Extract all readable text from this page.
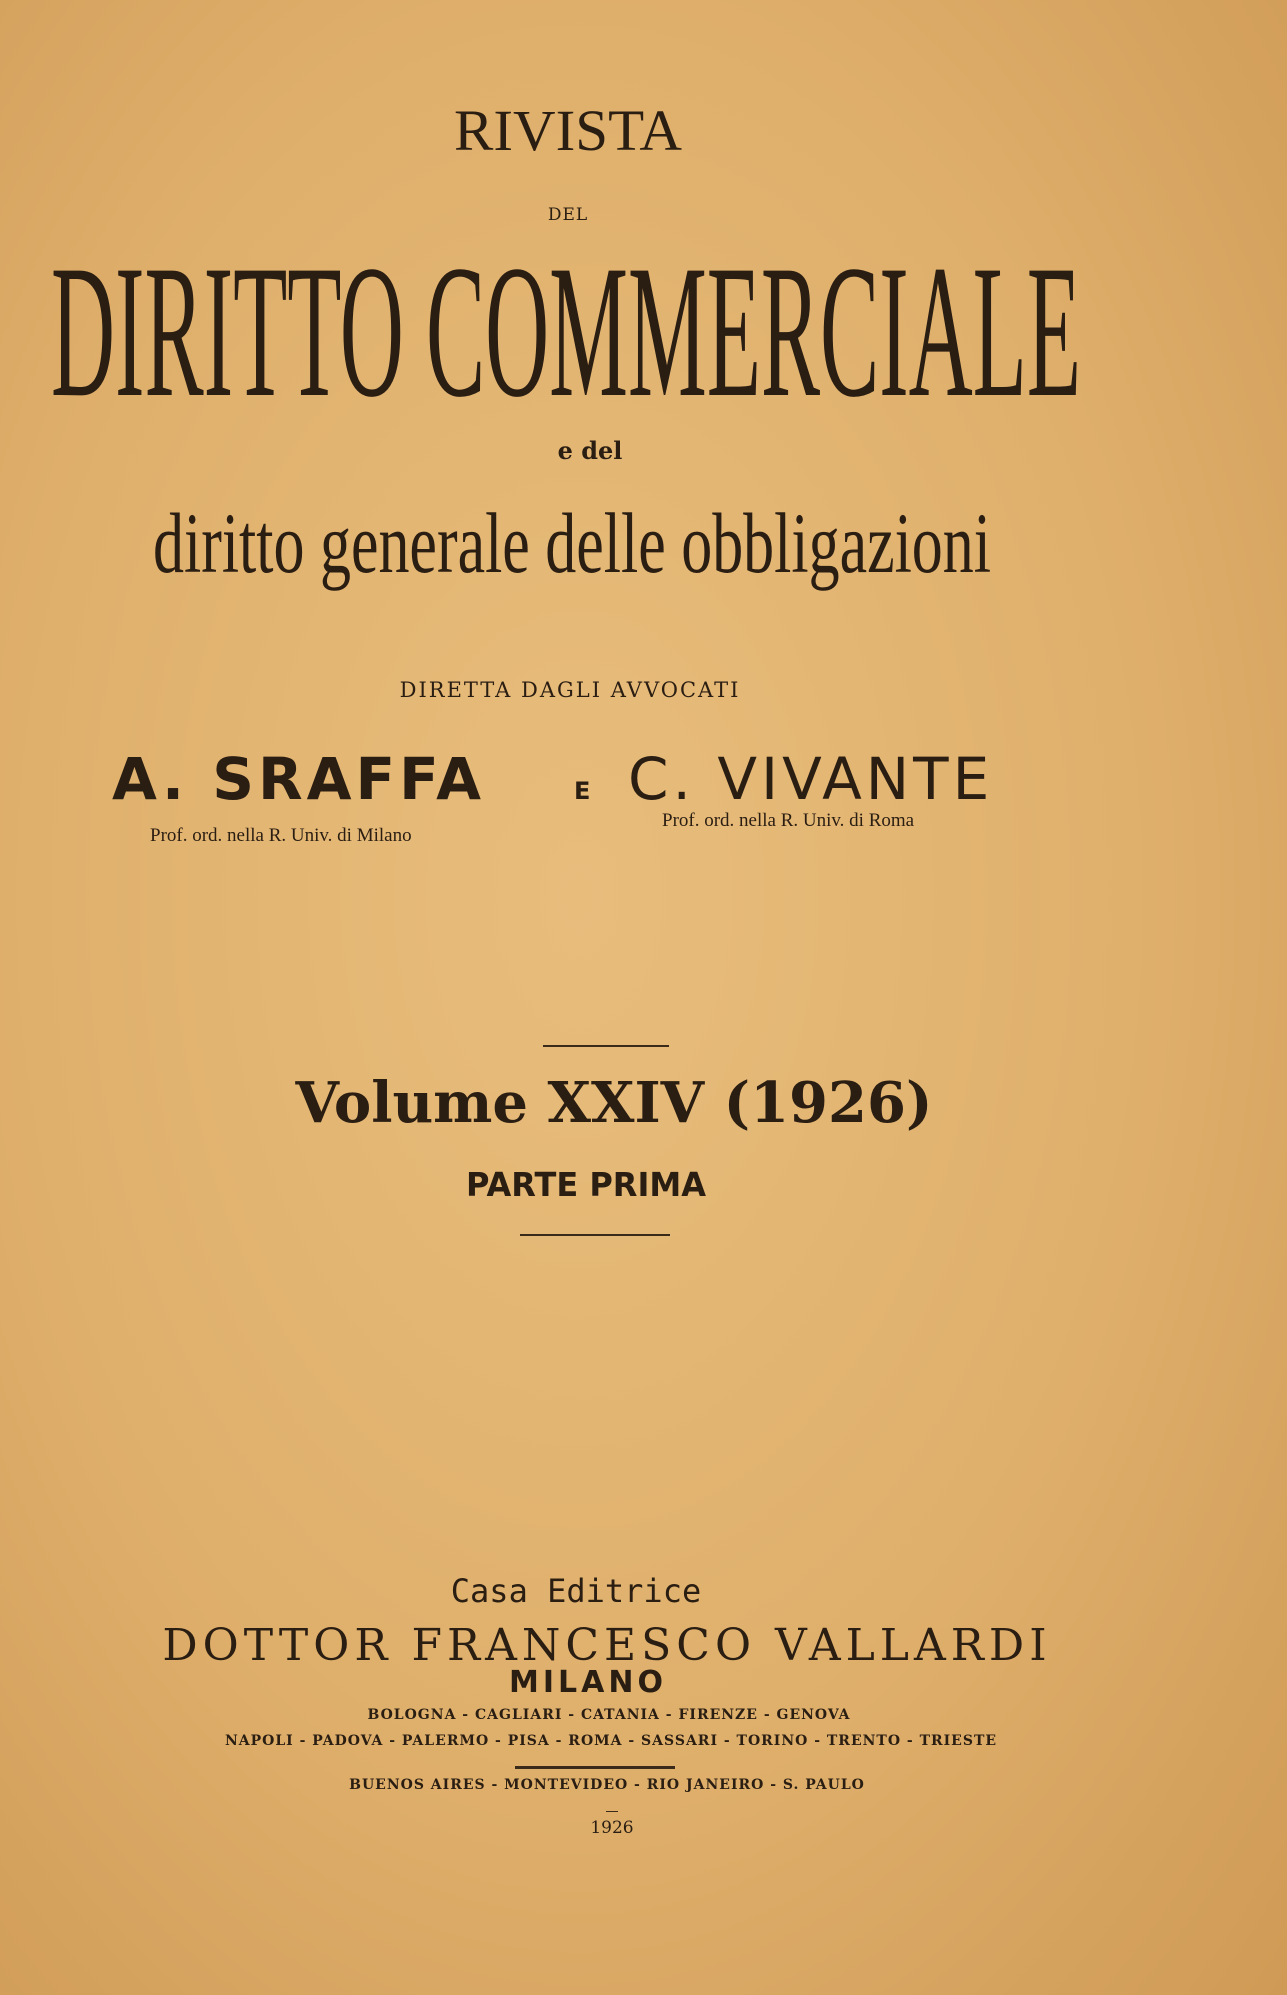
RIVISTA
DEL
DIRITTO COMMERCIALE
e del
diritto generale delle obbligazioni
DIRETTA DAGLI AVVOCATI
A. SRAFFA	E C. VIVANTE
Prof. ord. nella R. Univ. di Milano
Prof. ord. nella R. Univ. di Roma
Volume XXIV (1926)
PARTE PRIMA
Casa Editrice
DOTTOR FRANCESCO VALLARDI
MILANO
BOLOGNA - CAGLIARI - CATANIA - FIRENZE - GENOVA
NAPOLI - PADOVA - PALERMO - PISA - ROMA - SASSARI - TORINO - TRENTO - TRIESTE
BUENOS AIRES - MONTEVIDEO - RIO JANEIRO - S. PAULO
1926
